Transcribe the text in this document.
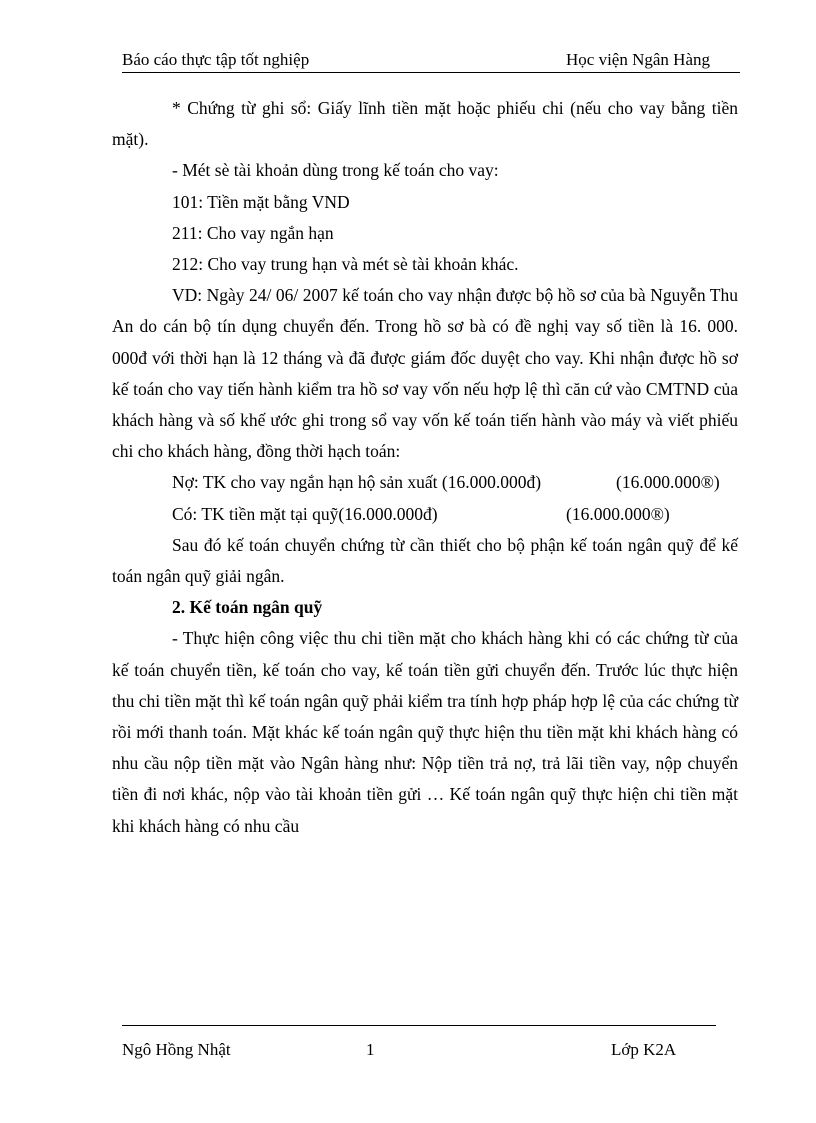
Báo cáo thực tập tốt nghiệp	Học viện Ngân Hàng

* Chứng từ ghi sổ: Giấy lĩnh tiền mặt hoặc phiếu chi (nếu cho vay bằng tiền mặt).

- Mét sè tài khoản dùng trong kế toán cho vay:

101: Tiền mặt bằng VND

211: Cho vay ngắn hạn

212: Cho vay trung hạn và mét sè tài khoản khác.

VD: Ngày 24/ 06/ 2007 kế toán cho vay nhận được bộ hồ sơ của bà Nguyễn Thu An do cán bộ tín dụng chuyển đến. Trong hồ sơ bà có đề nghị vay số tiền là 16. 000. 000đ với thời hạn là 12 tháng và đã được giám đốc duyệt cho vay. Khi nhận được hồ sơ kế toán cho vay tiến hành kiểm tra hồ sơ vay vốn nếu hợp lệ thì căn cứ vào CMTND của khách hàng và số khế ước ghi trong sổ vay vốn kế toán tiến hành vào máy và viết phiếu chi cho khách hàng, đồng thời hạch toán:

Nợ: TK cho vay ngắn hạn hộ sản xuất (16.000.000đ)	(16.000.000®)
Có: TK tiền mặt tại quỹ(16.000.000đ)	(16.000.000®)

Sau đó kế toán chuyển chứng từ cần thiết cho bộ phận kế toán ngân quỹ để kế toán ngân quỹ giải ngân.

2. Kế toán ngân quỹ

- Thực hiện công việc thu chi tiền mặt cho khách hàng khi có các chứng từ của kế toán chuyển tiền, kế toán cho vay, kế toán tiền gửi chuyển đến. Trước lúc thực hiện thu chi tiền mặt thì kế toán ngân quỹ phải kiểm tra tính hợp pháp hợp lệ của các chứng từ rồi mới thanh toán. Mặt khác kế toán ngân quỹ thực hiện thu tiền mặt khi khách hàng có nhu cầu nộp tiền mặt vào Ngân hàng như: Nộp tiền trả nợ, trả lãi tiền vay, nộp chuyển tiền đi nơi khác, nộp vào tài khoản tiền gửi … Kế toán ngân quỹ thực hiện chi tiền mặt khi khách hàng có nhu cầu

Ngô Hồng Nhật	1	Lớp K2A
